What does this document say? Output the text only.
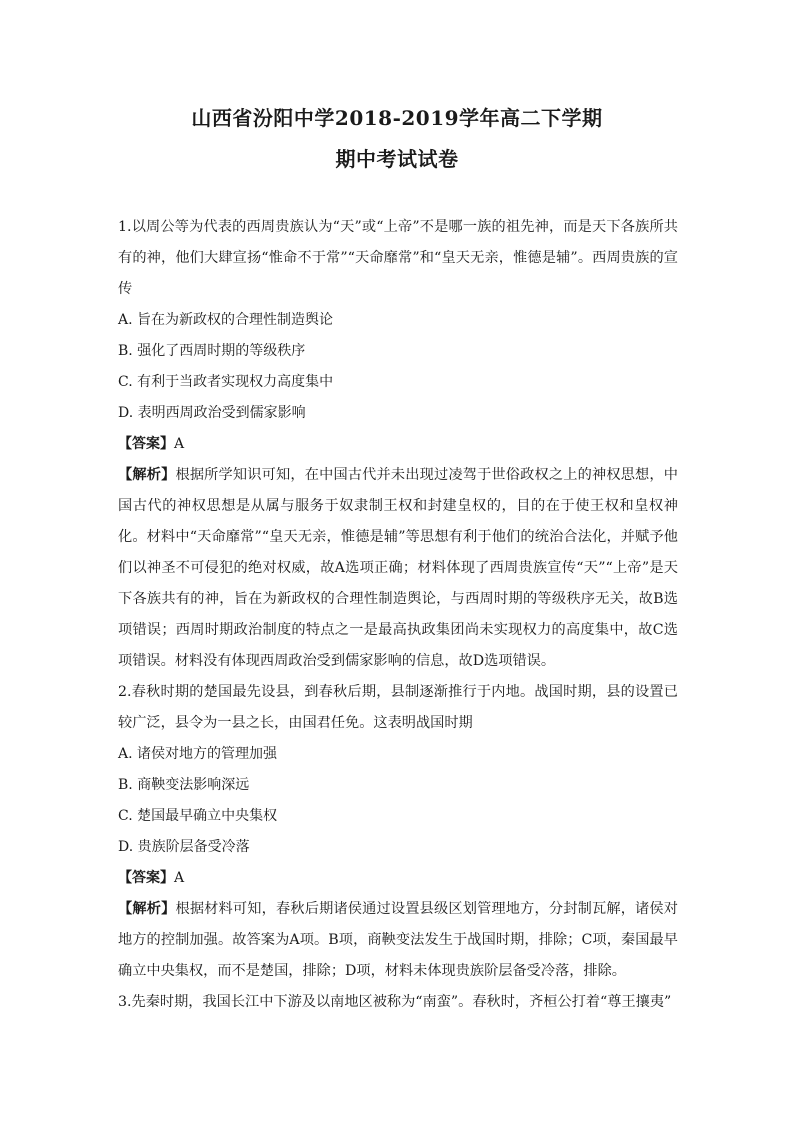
山西省汾阳中学2018-2019学年高二下学期
期中考试试卷

1.以周公等为代表的西周贵族认为“天”或“上帝”不是哪一族的祖先神，而是天下各族所共有的神，他们大肆宣扬“惟命不于常”“天命靡常”和“皇天无亲，惟德是辅”。西周贵族的宣传

A. 旨在为新政权的合理性制造舆论

B. 强化了西周时期的等级秩序

C. 有利于当政者实现权力高度集中

D. 表明西周政治受到儒家影响

【答案】A

【解析】根据所学知识可知，在中国古代并未出现过凌驾于世俗政权之上的神权思想，中国古代的神权思想是从属与服务于奴隶制王权和封建皇权的，目的在于使王权和皇权神化。材料中“天命靡常”“皇天无亲，惟德是辅”等思想有利于他们的统治合法化，并赋予他们以神圣不可侵犯的绝对权威，故A选项正确；材料体现了西周贵族宣传“天”“上帝”是天下各族共有的神，旨在为新政权的合理性制造舆论，与西周时期的等级秩序无关，故B选项错误；西周时期政治制度的特点之一是最高执政集团尚未实现权力的高度集中，故C选项错误。材料没有体现西周政治受到儒家影响的信息，故D选项错误。

2.春秋时期的楚国最先设县，到春秋后期，县制逐渐推行于内地。战国时期，县的设置已较广泛，县令为一县之长，由国君任免。这表明战国时期

A. 诸侯对地方的管理加强

B. 商鞅变法影响深远

C. 楚国最早确立中央集权

D. 贵族阶层备受冷落

【答案】A

【解析】根据材料可知，春秋后期诸侯通过设置县级区划管理地方，分封制瓦解，诸侯对地方的控制加强。故答案为A项。B项，商鞅变法发生于战国时期，排除；C项，秦国最早确立中央集权，而不是楚国，排除；D项，材料未体现贵族阶层备受冷落，排除。

3.先秦时期，我国长江中下游及以南地区被称为“南蛮”。春秋时，齐桓公打着“尊王攘夷”
